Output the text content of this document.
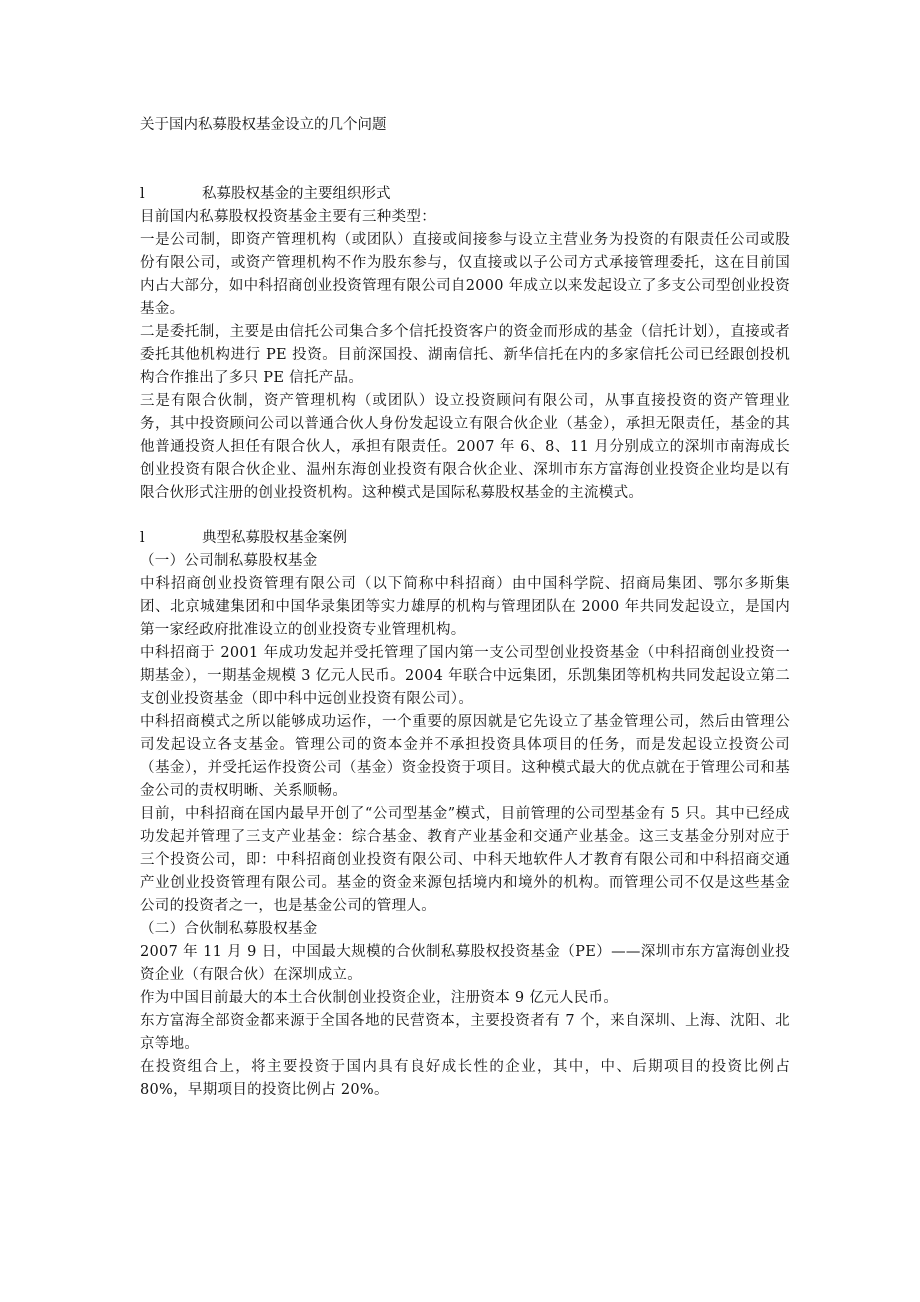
关于国内私募股权基金设立的几个问题

l	私募股权基金的主要组织形式

目前国内私募股权投资基金主要有三种类型：

一是公司制，即资产管理机构（或团队）直接或间接参与设立主营业务为投资的有限责任公司或股份有限公司，或资产管理机构不作为股东参与，仅直接或以子公司方式承接管理委托，这在目前国内占大部分，如中科招商创业投资管理有限公司自2000 年成立以来发起设立了多支公司型创业投资基金。

二是委托制，主要是由信托公司集合多个信托投资客户的资金而形成的基金（信托计划），直接或者委托其他机构进行 PE 投资。目前深国投、湖南信托、新华信托在内的多家信托公司已经跟创投机构合作推出了多只 PE 信托产品。

三是有限合伙制，资产管理机构（或团队）设立投资顾问有限公司，从事直接投资的资产管理业务，其中投资顾问公司以普通合伙人身份发起设立有限合伙企业（基金），承担无限责任，基金的其他普通投资人担任有限合伙人，承担有限责任。2007 年 6、8、11 月分别成立的深圳市南海成长创业投资有限合伙企业、温州东海创业投资有限合伙企业、深圳市东方富海创业投资企业均是以有限合伙形式注册的创业投资机构。这种模式是国际私募股权基金的主流模式。

l	典型私募股权基金案例

（一）公司制私募股权基金

中科招商创业投资管理有限公司（以下简称中科招商）由中国科学院、招商局集团、鄂尔多斯集团、北京城建集团和中国华录集团等实力雄厚的机构与管理团队在 2000 年共同发起设立，是国内第一家经政府批准设立的创业投资专业管理机构。

中科招商于 2001 年成功发起并受托管理了国内第一支公司型创业投资基金（中科招商创业投资一期基金），一期基金规模 3 亿元人民币。2004 年联合中远集团，乐凯集团等机构共同发起设立第二支创业投资基金（即中科中远创业投资有限公司）。

中科招商模式之所以能够成功运作，一个重要的原因就是它先设立了基金管理公司，然后由管理公司发起设立各支基金。管理公司的资本金并不承担投资具体项目的任务，而是发起设立投资公司（基金），并受托运作投资公司（基金）资金投资于项目。这种模式最大的优点就在于管理公司和基金公司的责权明晰、关系顺畅。

目前，中科招商在国内最早开创了“公司型基金”模式，目前管理的公司型基金有 5 只。其中已经成功发起并管理了三支产业基金：综合基金、教育产业基金和交通产业基金。这三支基金分别对应于三个投资公司，即：中科招商创业投资有限公司、中科天地软件人才教育有限公司和中科招商交通产业创业投资管理有限公司。基金的资金来源包括境内和境外的机构。而管理公司不仅是这些基金公司的投资者之一，也是基金公司的管理人。

（二）合伙制私募股权基金

2007 年 11 月 9 日，中国最大规模的合伙制私募股权投资基金（PE）——深圳市东方富海创业投资企业（有限合伙）在深圳成立。

作为中国目前最大的本土合伙制创业投资企业，注册资本 9 亿元人民币。

东方富海全部资金都来源于全国各地的民营资本，主要投资者有 7 个，来自深圳、上海、沈阳、北京等地。

在投资组合上，将主要投资于国内具有良好成长性的企业，其中，中、后期项目的投资比例占 80%，早期项目的投资比例占 20%。
